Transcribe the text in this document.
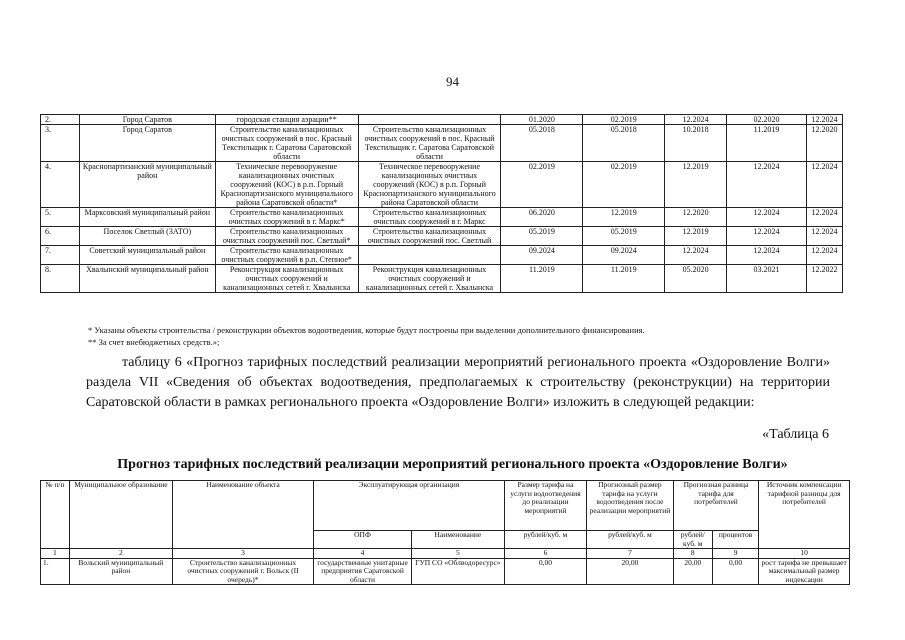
94
2.	Город Саратов	городская станция аэрации**		01.2020	02.2019	12.2024	02.2020	12.2024
3.	Город Саратов	Строительство канализационных очистных сооружений в пос. Красный Текстильщик г. Саратова Саратовской области	Строительство канализационных очистных сооружений в пос. Красный Текстильщик г. Саратова Саратовской области	05.2018	05.2018	10.2018	11.2019	12.2020
4.	Краснопартизанский муниципальный район	Техническое перевооружение канализационных очистных сооружений (КОС) в р.п. Горный Краснопартизанского муниципального района Саратовской области*	Техническое перевооружение канализационных очистных сооружений (КОС) в р.п. Горный Краснопартизанского муниципального района Саратовской области	02.2019	02.2019	12.2019	12.2024	12.2024
5.	Марксовский муниципальный район	Строительство канализационных очистных сооружений в г. Маркс*	Строительство канализационных очистных сооружений в г. Маркс	06.2020	12.2019	12.2020	12.2024	12.2024
6.	Поселок Светлый (ЗАТО)	Строительство канализационных очистных сооружений пос. Светлый*	Строительство канализационных очистных сооружений пос. Светлый	05.2019	05.2019	12.2019	12.2024	12.2024
7.	Советский муниципальный район	Строительство канализационных очистных сооружений в р.п. Степное*		09.2024	09.2024	12.2024	12.2024	12.2024
8.	Хвалынский муниципальный район	Реконструкция канализационных очистных сооружений и канализационных сетей г. Хвалынска	Реконструкция канализационных очистных сооружений и канализационных сетей г. Хвалынска	11.2019	11.2019	05.2020	03.2021	12.2022
* Указаны объекты строительства / реконструкции объектов водоотведения, которые будут построены при выделении дополнительного финансирования.
** За счет внебюджетных средств.»;
таблицу 6 «Прогноз тарифных последствий реализации мероприятий регионального проекта «Оздоровление Волги» раздела VII «Сведения об объектах водоотведения, предполагаемых к строительству (реконструкции) на территории Саратовской области в рамках регионального проекта «Оздоровление Волги» изложить в следующей редакции:
«Таблица 6
Прогноз тарифных последствий реализации мероприятий регионального проекта «Оздоровление Волги»
№ п/п	Муниципальное образование	Наименование объекта	Эксплуатирующая организация		Размер тарифа на услуги водоотведения до реализации мероприятий	Прогнозный размер тарифа на услуги водоотведения после реализации мероприятий	Прогнозная разница тарифа для потребителей		Источник компенсации тарифной разницы для потребителей
			ОПФ	Наименование	рублей/куб. м	рублей/куб. м	рублей/ куб. м	процентов	
1	2	3	4	5	6	7	8	9	10
1.	Вольский муниципальный район	Строительство канализационных очистных сооружений г. Вольск (II очередь)*	государственные унитарные предприятия Саратовской области	ГУП СО «Облводоресурс»	0,00	20,00	20,00	0,00	рост тарифа не превышает максимальный размер индексации
